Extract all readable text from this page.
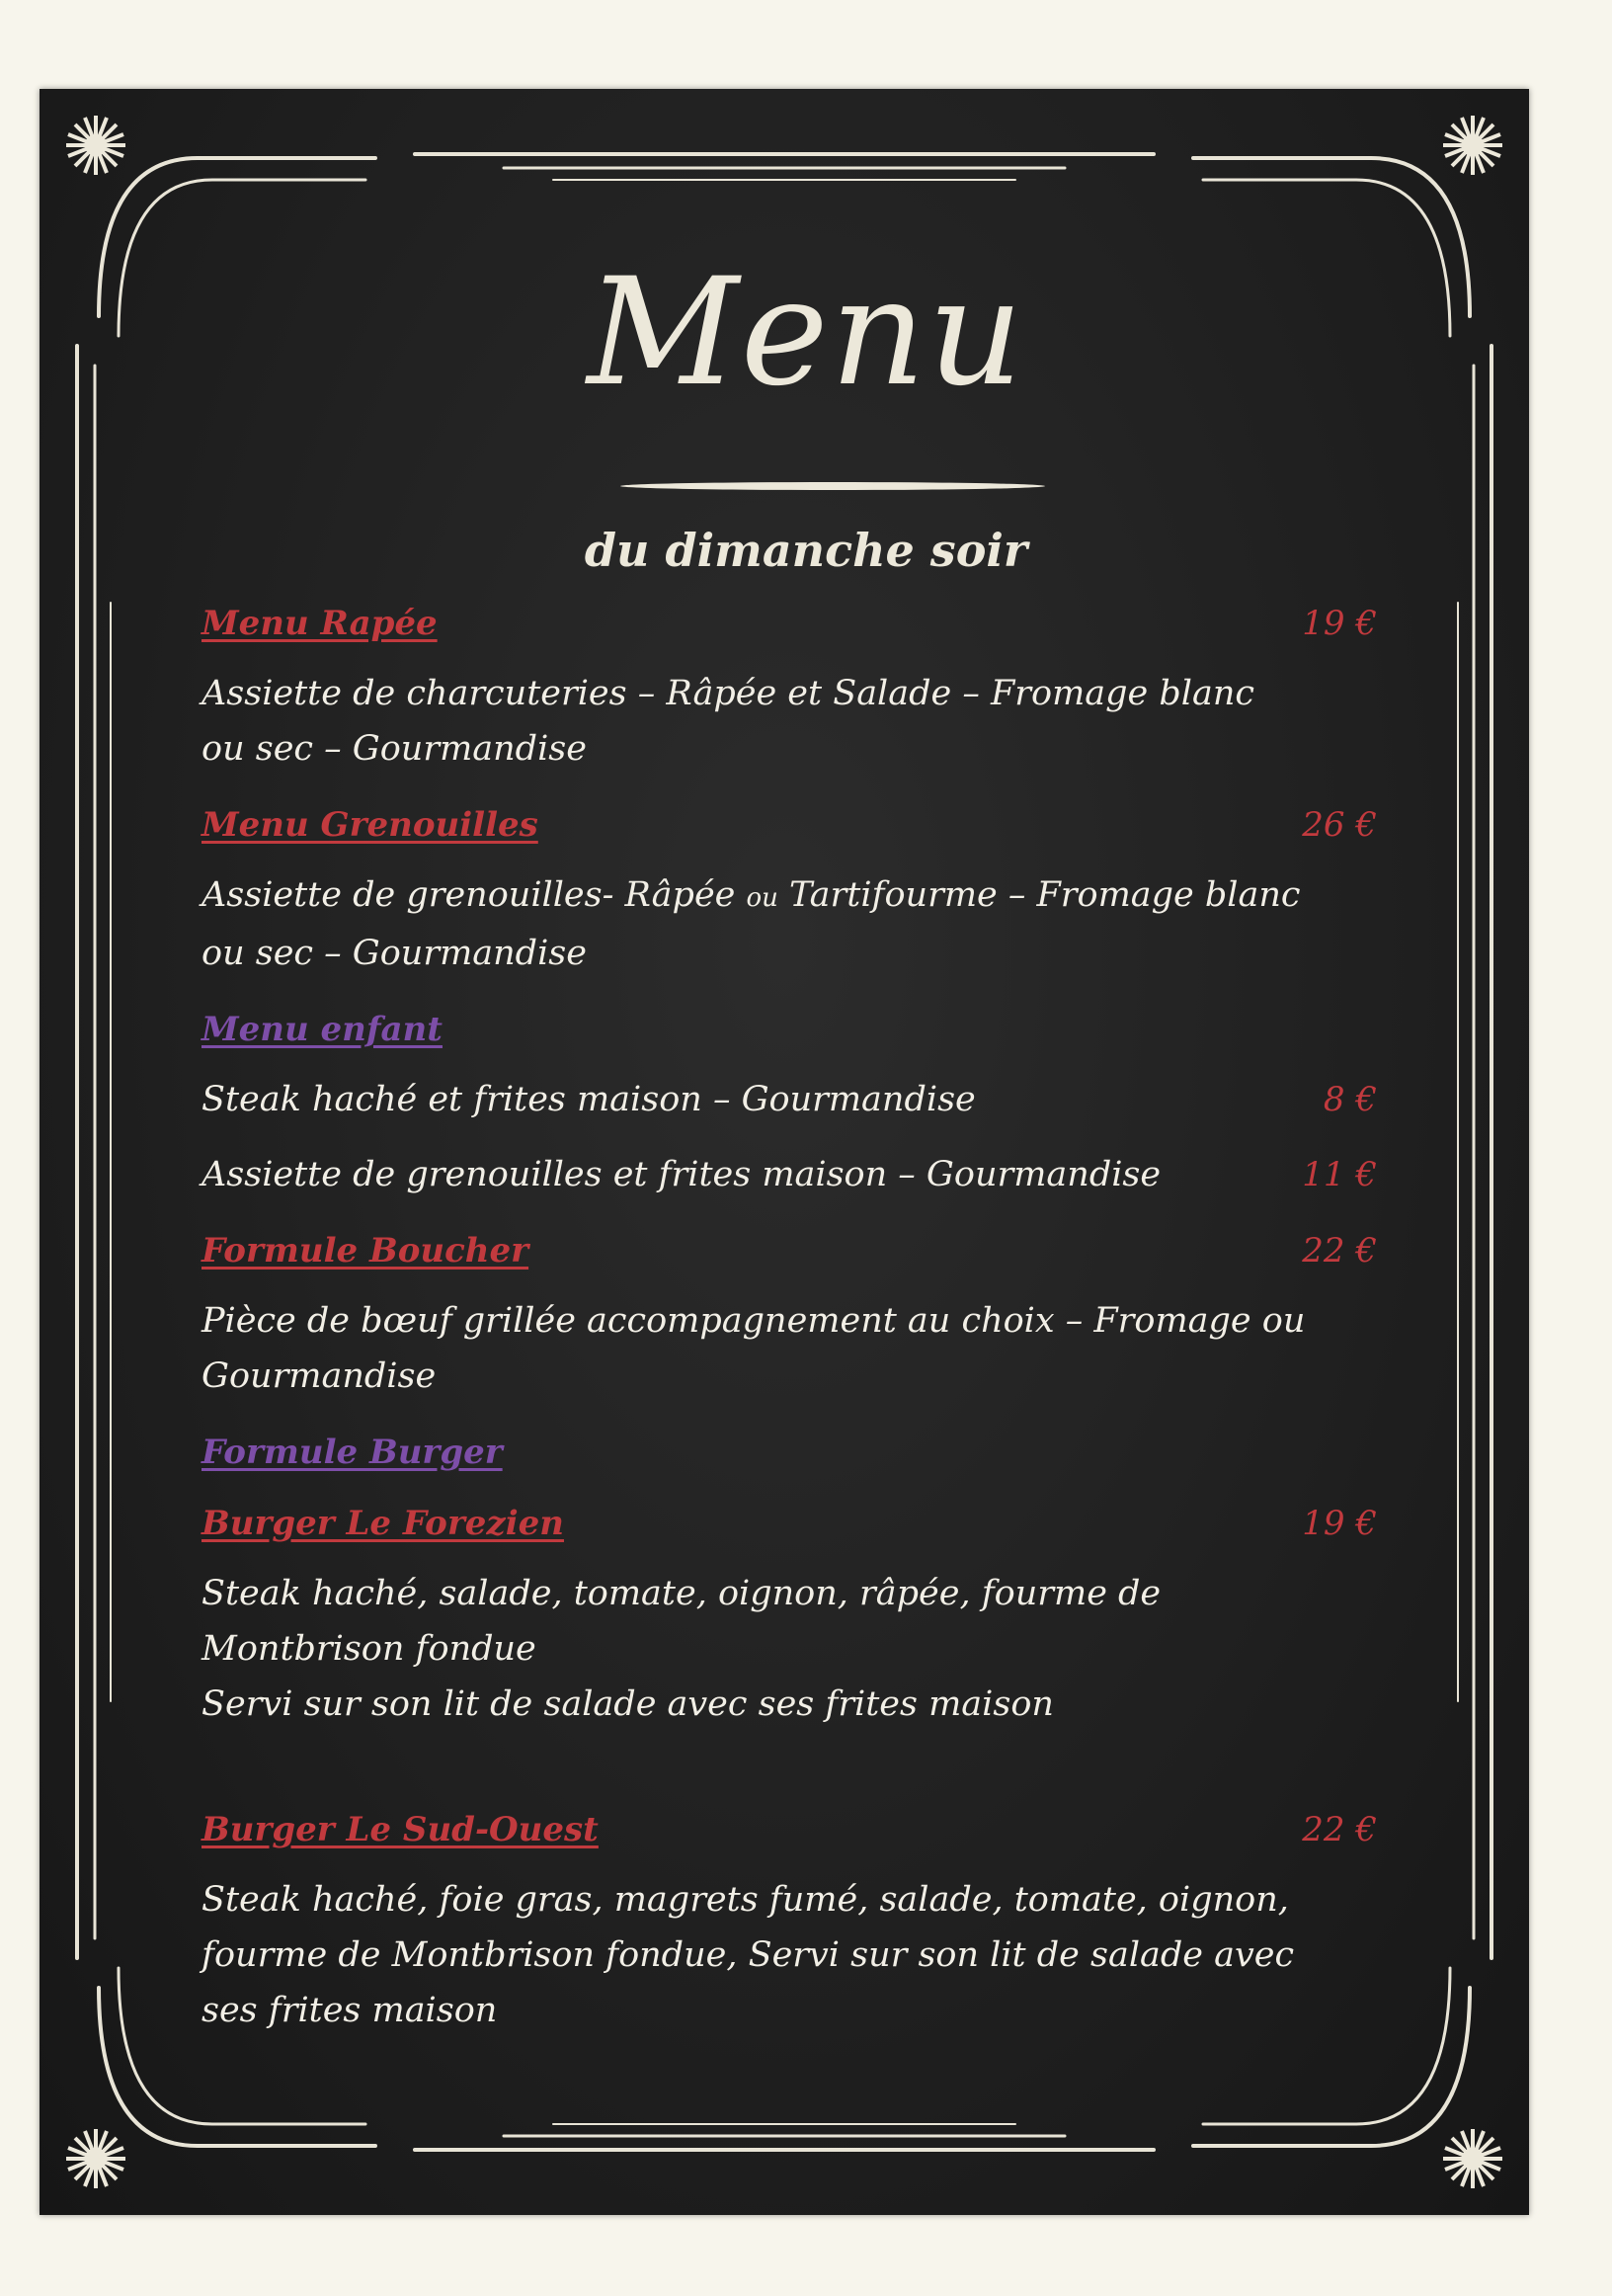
Menu
du dimanche soir
Menu Rapée	19 €
Assiette de charcuteries – Râpée et Salade – Fromage blanc
ou sec – Gourmandise
Menu Grenouilles	26 €
Assiette de grenouilles- Râpée ou Tartifourme – Fromage blanc
ou sec – Gourmandise
Menu enfant
Steak haché et frites maison – Gourmandise	8 €
Assiette de grenouilles et frites maison – Gourmandise	11 €
Formule Boucher	22 €
Pièce de bœuf grillée accompagnement au choix – Fromage ou
Gourmandise
Formule Burger
Burger Le Forezien	19 €
Steak haché, salade, tomate, oignon, râpée, fourme de
Montbrison fondue
Servi sur son lit de salade avec ses frites maison
Burger Le Sud-Ouest	22 €
Steak haché, foie gras, magrets fumé, salade, tomate, oignon,
fourme de Montbrison fondue, Servi sur son lit de salade avec
ses frites maison
